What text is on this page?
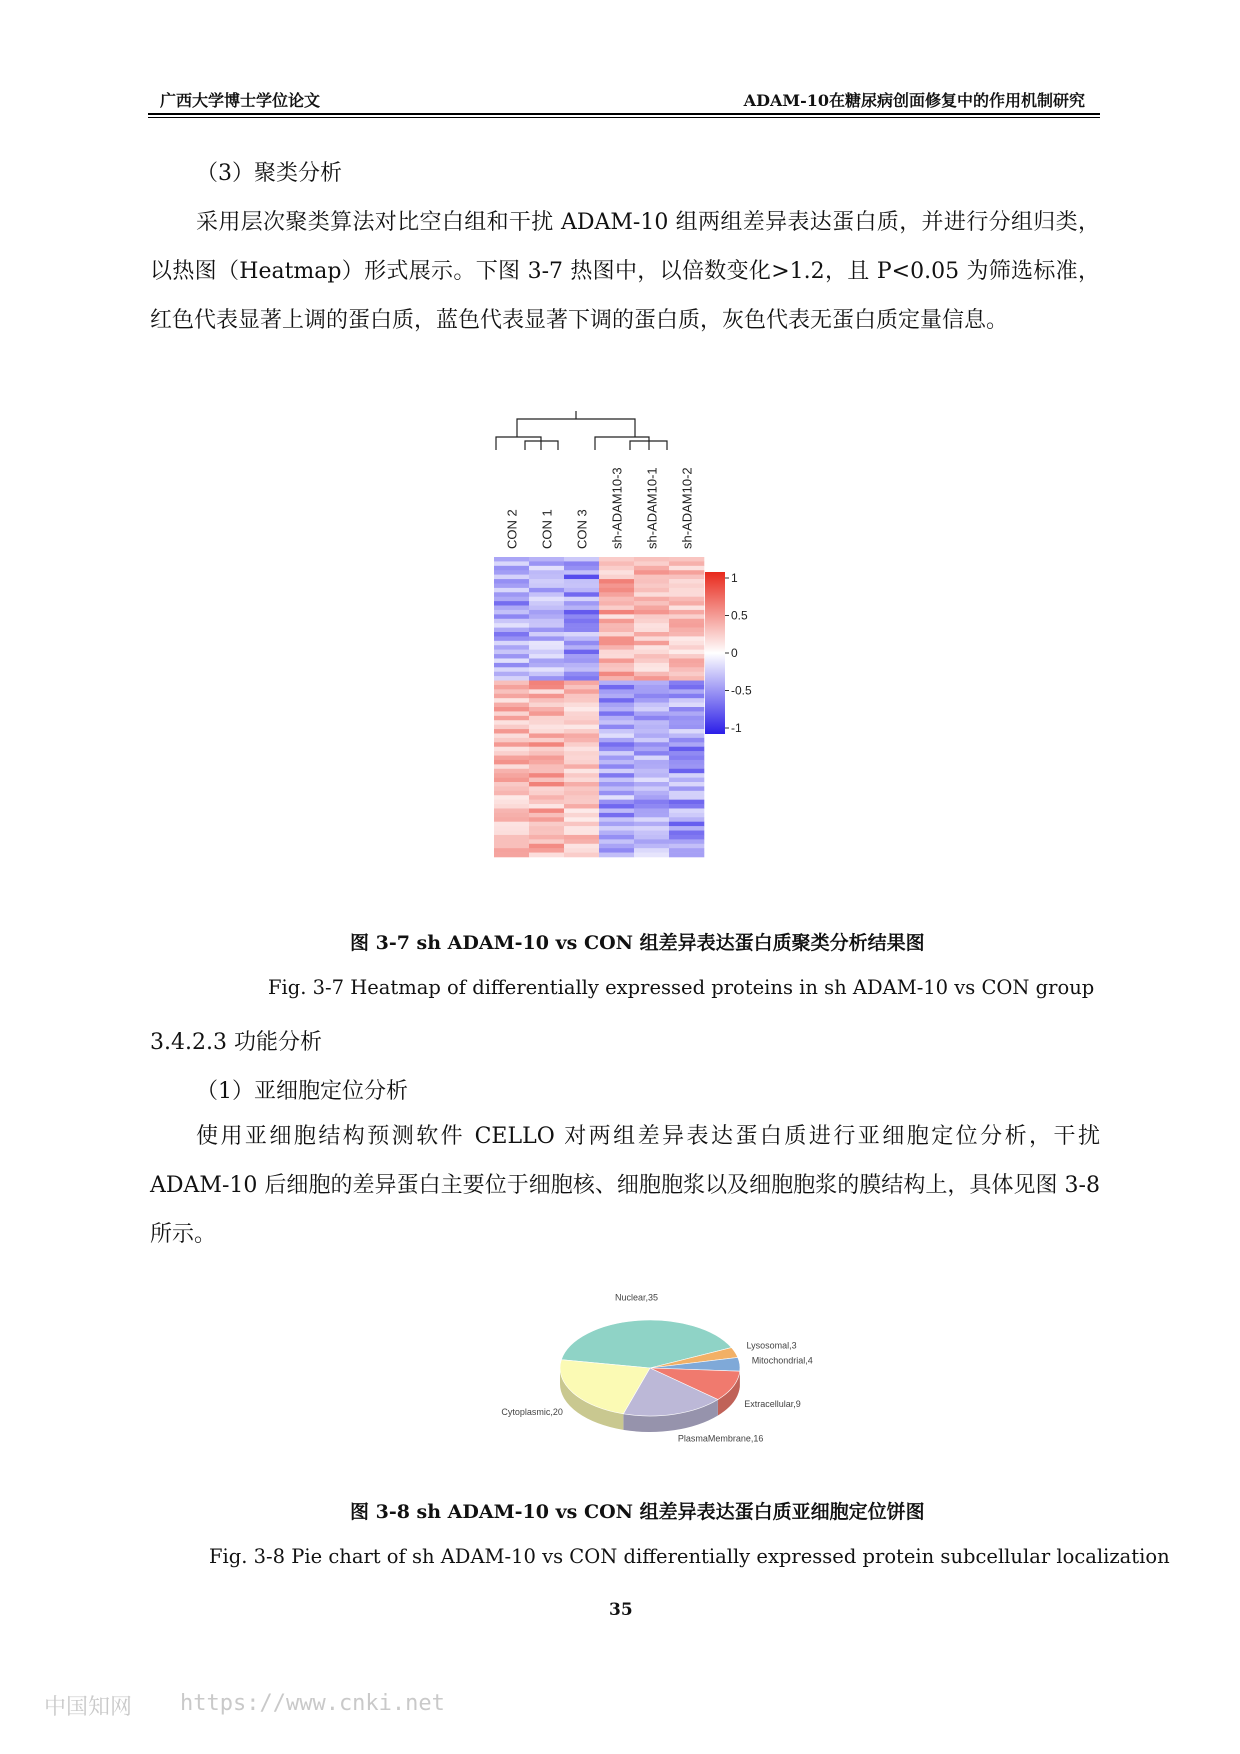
广西大学博士学位论文	ADAM-10在糖尿病创面修复中的作用机制研究
（3）聚类分析
采用层次聚类算法对比空白组和干扰 ADAM-10 组两组差异表达蛋白质，并进行分组归类，以热图（Heatmap）形式展示。下图 3-7 热图中，以倍数变化>1.2，且 P<0.05 为筛选标准，红色代表显著上调的蛋白质，蓝色代表显著下调的蛋白质，灰色代表无蛋白质定量信息。
CON 2 CON 1 CON 3 sh-ADAM10-3 sh-ADAM10-1 sh-ADAM10-2
1
0.5
0
-0.5
-1
图 3-7 sh ADAM-10 vs CON 组差异表达蛋白质聚类分析结果图
Fig. 3-7 Heatmap of differentially expressed proteins in sh ADAM-10 vs CON group
3.4.2.3 功能分析
（1）亚细胞定位分析
使用亚细胞结构预测软件 CELLO 对两组差异表达蛋白质进行亚细胞定位分析，干扰 ADAM-10 后细胞的差异蛋白主要位于细胞核、细胞胞浆以及细胞胞浆的膜结构上，具体见图 3-8 所示。
Nuclear,35
Lysosomal,3
Mitochondrial,4
Extracellular,9
PlasmaMembrane,16
Cytoplasmic,20
图 3-8 sh ADAM-10 vs CON 组差异表达蛋白质亚细胞定位饼图
Fig. 3-8 Pie chart of sh ADAM-10 vs CON differentially expressed protein subcellular localization
35
中国知网 https://www.cnki.net
